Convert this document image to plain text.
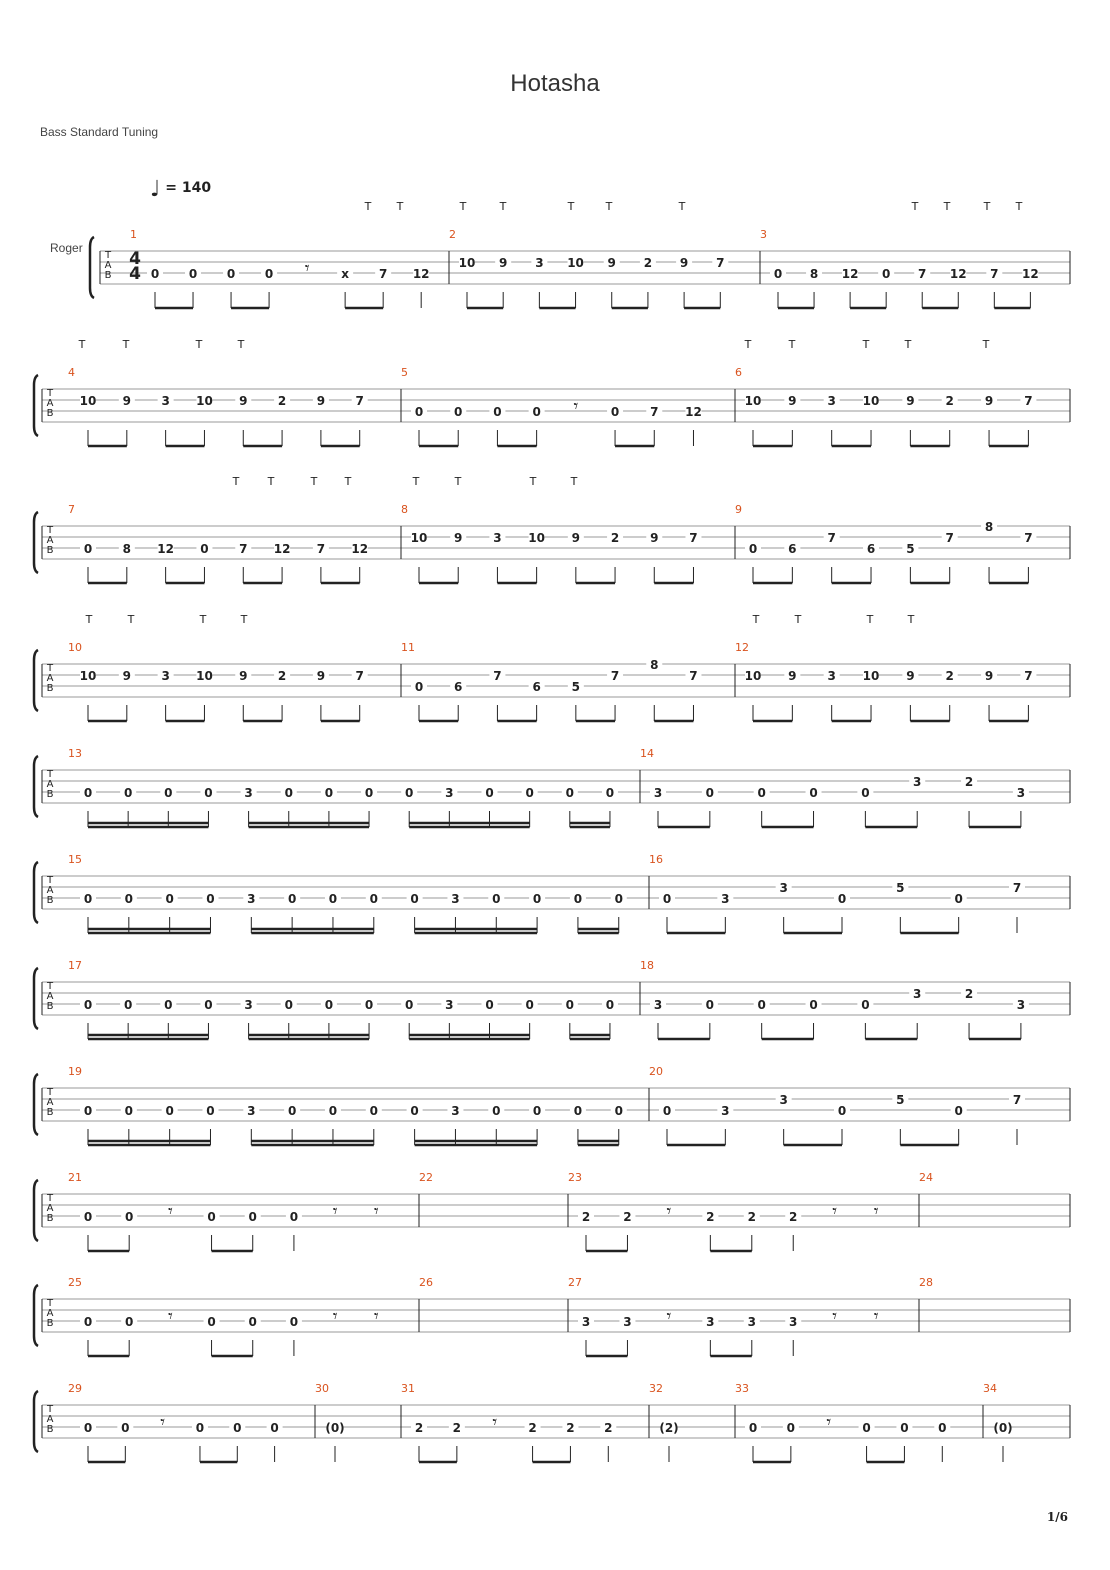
Hotasha
Bass Standard Tuning
♩ = 140
Roger
1/6
T
A
B
4
4
T T	T	T	T	T	T	T T	T T
1
0 0 0 0 𝄾	x 7 12
2
10 9 3 10 9 2 9 7
3
0 8 12 0 7 12 7 12
T
A
B
T	T	T	T	T	T	T	T	T
4
10 9	3 10 9	2	9	7
5
0	0	0	0 𝄾	0	7 12
6
10 9	3 10 9	2	9	7
T
A
B
T	T	T T	T	T	T	T
7
0	8 12 0	7 12 7 12
8
10 9	3 10 9	2	9	7
9
0	6
7
6	5
7
8
7
T
A
B
T	T	T	T	T	T	T	T
10
10 9	3 10 9	2	9	7
11
0	6
7
6	5
7
8
7
12
10 9	3 10 9	2	9	7
T
A
B
13
0	0	0	0	3	0	0	0	0	3	0	0	0	0
14
3	0	0	0	0
3	2
3
T
A
B
15
0	0	0	0	3	0	0	0	0	3	0	0	0	0
16
0	3
3
0
5
0
7
T
A
B
17
0	0	0	0	3	0	0	0	0	3	0	0	0	0
18
3	0	0	0	0
3	2
3
T
A
B
19
0	0	0	0	3	0	0	0	0	3	0	0	0	0
20
0	3
3
0
5
0
7
T
A
B
21
0	0 𝄾	0	0	0 𝄾 𝄾
22	23
2	2 𝄾	2	2	2 𝄾 𝄾
24
T
A
B
25
0	0 𝄾	0	0	0 𝄾 𝄾
26	27
3	3 𝄾	3	3	3 𝄾 𝄾
28
T
A
B
29
0 0 𝄾	0 0 0
30
(0)
31
2 2 𝄾	2 2 2
32
(2)
33
0 0 𝄾	0 0 0
34
(0)
